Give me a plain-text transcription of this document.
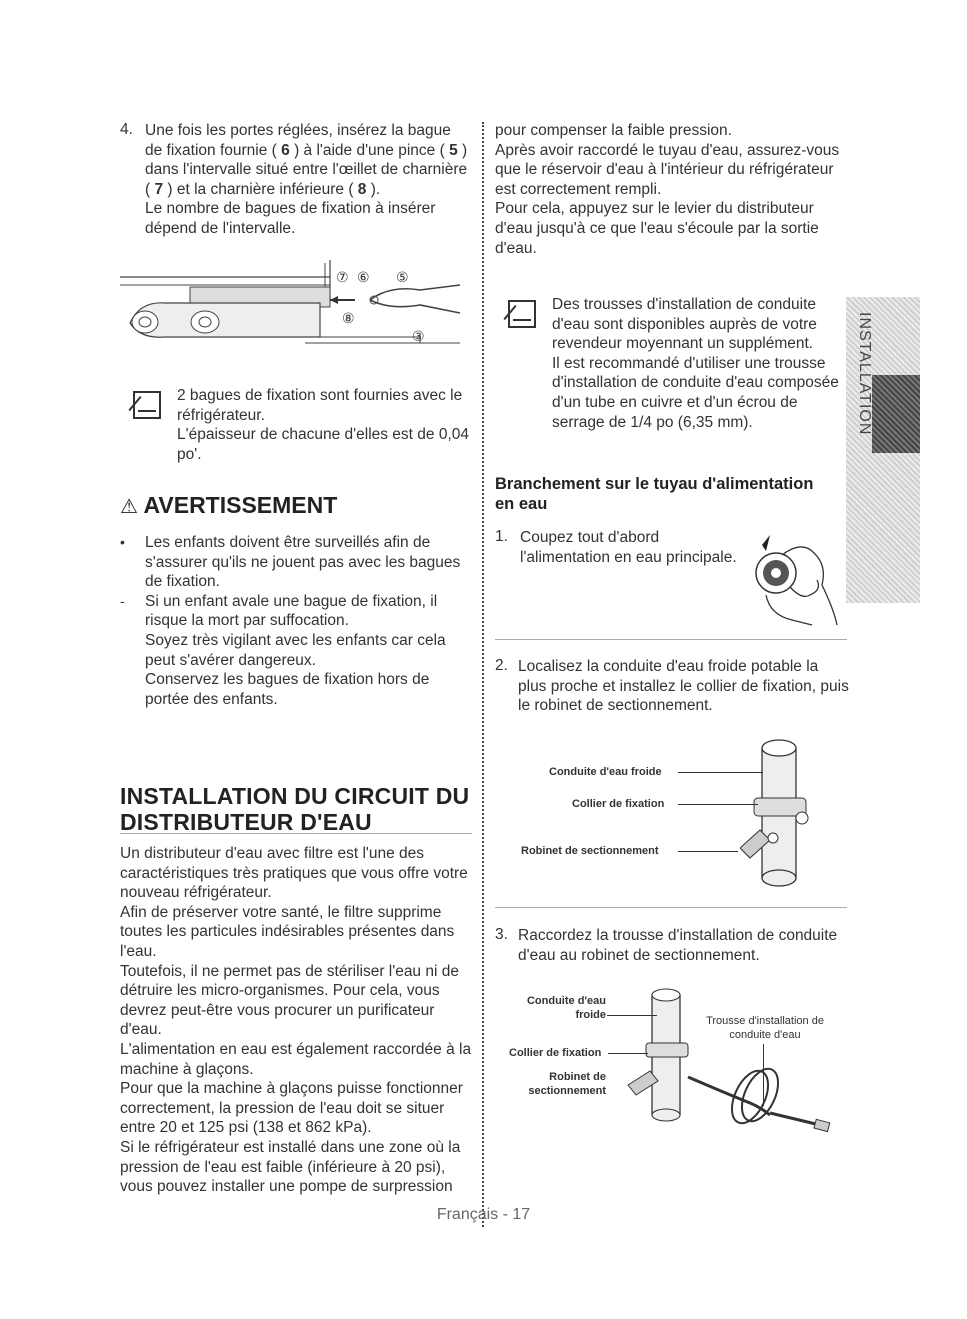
INSTALLATION
4. Une fois les portes réglées, insérez la bague
de fixation fournie ( 6 ) à l'aide d'une pince ( 5 )
dans l'intervalle situé entre l'œillet de charnière
( 7 ) et la charnière inférieure ( 8 ).
Le nombre de bagues de fixation à insérer
dépend de l'intervalle.
⑦ ⑥ ⑤
⑧
③
2 bagues de fixation sont fournies avec le
réfrigérateur.
L'épaisseur de chacune d'elles est de 0,04
po'.
⚠ AVERTISSEMENT
•
-
Les enfants doivent être surveillés afin de
s'assurer qu'ils ne jouent pas avec les bagues
de fixation.
Si un enfant avale une bague de fixation, il
risque la mort par suffocation.
Soyez très vigilant avec les enfants car cela
peut s'avérer dangereux.
Conservez les bagues de fixation hors de
portée des enfants.
INSTALLATION DU CIRCUIT DU
DISTRIBUTEUR D'EAU
Un distributeur d'eau avec filtre est l'une des
caractéristiques très pratiques que vous offre votre
nouveau réfrigérateur.
Afin de préserver votre santé, le filtre supprime
toutes les particules indésirables présentes dans
l'eau.
Toutefois, il ne permet pas de stériliser l'eau ni de
détruire les micro-organismes. Pour cela, vous
devrez peut-être vous procurer un purificateur
d'eau.
L'alimentation en eau est également raccordée à la
machine à glaçons.
Pour que la machine à glaçons puisse fonctionner
correctement, la pression de l'eau doit se situer
entre 20 et 125 psi (138 et 862 kPa).
Si le réfrigérateur est installé dans une zone où la
pression de l'eau est faible (inférieure à 20 psi),
vous pouvez installer une pompe de surpression
pour compenser la faible pression.
Après avoir raccordé le tuyau d'eau, assurez-vous
que le réservoir d'eau à l'intérieur du réfrigérateur
est correctement rempli.
Pour cela, appuyez sur le levier du distributeur
d'eau jusqu'à ce que l'eau s'écoule par la sortie
d'eau.
Des trousses d'installation de conduite
d'eau sont disponibles auprès de votre
revendeur moyennant un supplément.
Il est recommandé d'utiliser une trousse
d'installation de conduite d'eau composée
d'un tube en cuivre et d'un écrou de
serrage de 1/4 po (6,35 mm).
Branchement sur le tuyau d'alimentation
en eau
1. Coupez tout d'abord
l'alimentation en eau principale.
2. Localisez la conduite d'eau froide potable la
plus proche et installez le collier de fixation, puis
le robinet de sectionnement.
Conduite d'eau froide
Collier de fixation
Robinet de sectionnement
3. Raccordez la trousse d'installation de conduite
d'eau au robinet de sectionnement.
Conduite d'eau
froide
Collier de fixation
Robinet de
sectionnement
Trousse d'installation de
conduite d'eau
Français - 17
